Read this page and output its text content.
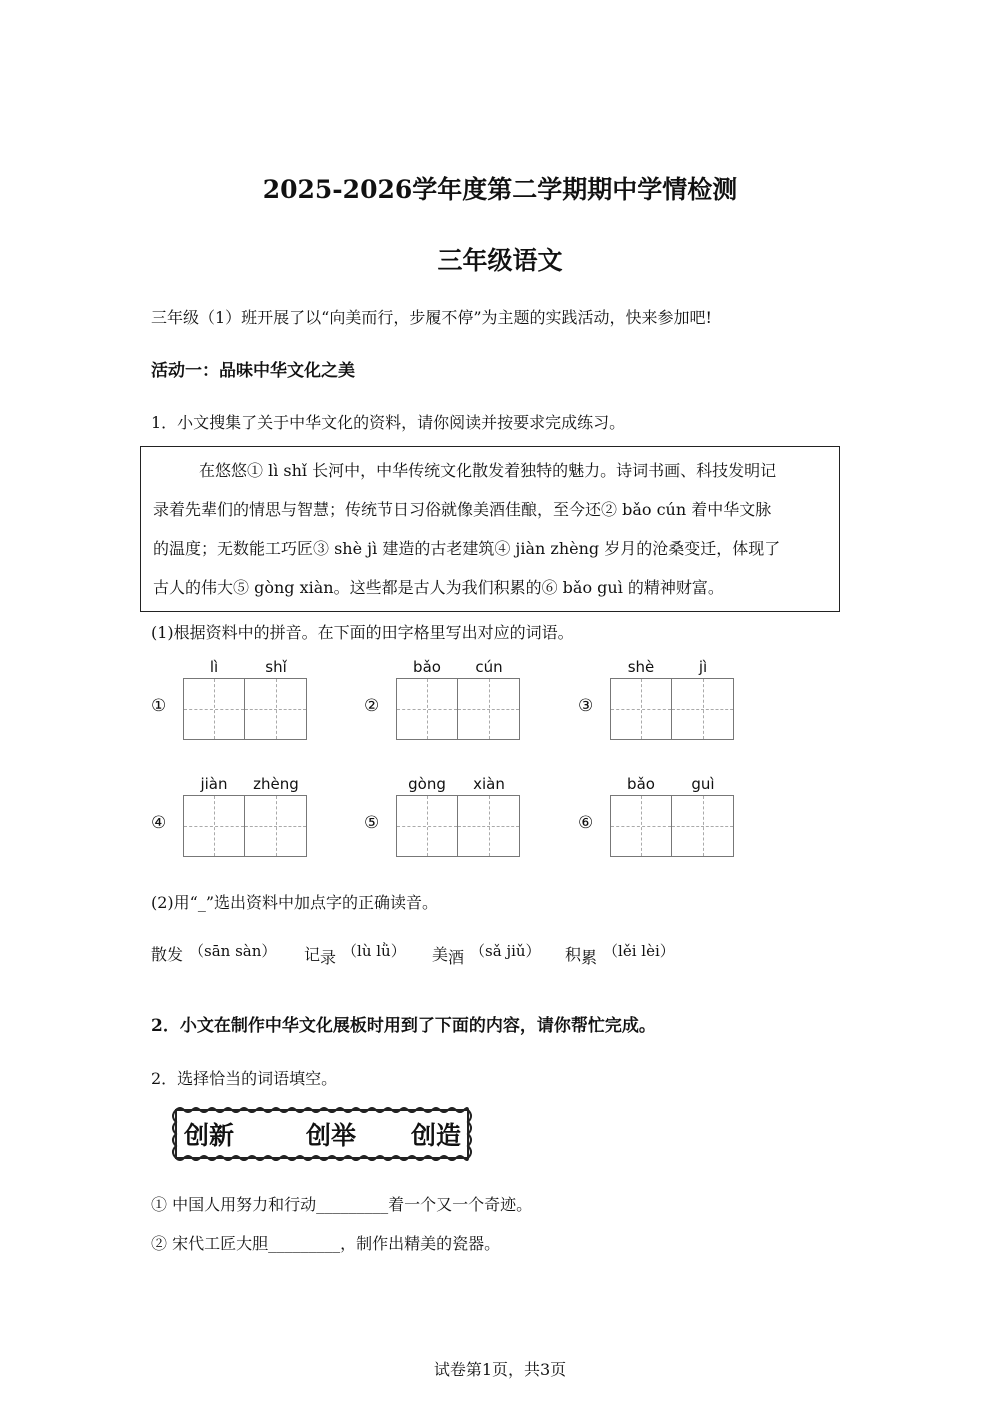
2025-2026学年度第二学期期中学情检测
三年级语文
三年级（1）班开展了以“向美而行，步履不停”为主题的实践活动，快来参加吧!
活动一：品味中华文化之美
1．小文搜集了关于中华文化的资料，请你阅读并按要求完成练习。
在悠悠① lì shǐ 长河中，中华传统文化散发着独特的魅力。诗词书画、科技发明记
录着先辈们的情思与智慧；传统节日习俗就像美酒佳酿，至今还② bǎo cún 着中华文脉
的温度；无数能工巧匠③ shè jì 建造的古老建筑④ jiàn zhèng 岁月的沧桑变迁，体现了
古人的伟大⑤ gòng xiàn。这些都是古人为我们积累的⑥ bǎo guì 的精神财富。
(1)根据资料中的拼音。在下面的田字格里写出对应的词语。
lì	shǐ
①
bǎo	cún
②
shè	jì
③
jiàn	zhèng
④
gòng	xiàn
⑤
bǎo	guì
⑥
(2)用“_”选出资料中加点字的正确读音。
散发 （sān sàn） 记录 （lù lǜ） 美酒 （sǎ jiǔ） 积累 （lěi lèi）
2．小文在制作中华文化展板时用到了下面的内容，请你帮忙完成。
2．选择恰当的词语填空。
创新	创举 创造
① 中国人用努力和行动_________着一个又一个奇迹。
② 宋代工匠大胆_________，制作出精美的瓷器。
试卷第1页，共3页
